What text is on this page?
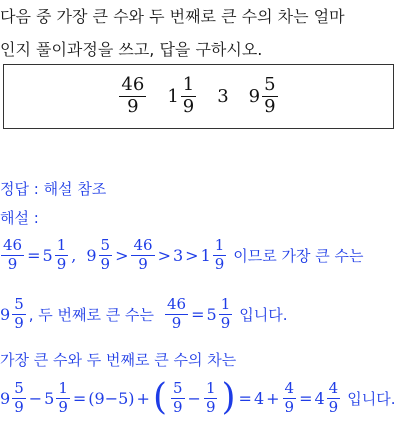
다음 중 가장 큰 수와 두 번째로 큰 수의 차는 얼마
인지 풀이과정을 쓰고, 답을 구하시오.
$\frac{46}{9} 1 \frac{1}{9} 3$ $9 \frac{5}{9}$
정답 : 해설 참조
해설 :
$\frac{46}{9} = 5 \frac{1}{9}$ , $9 \frac{5}{9} > \frac{46}{9} > 3 > 1 \frac{1}{9}$ 이므로 가장 큰 수는
$9 \frac{5}{9}$ , 두 번째로 큰 수는 $\frac{46}{9} = 5 \frac{1}{9}$ 입니다.
가장 큰 수와 두 번째로 큰 수의 차는
$9 \frac{5}{9} - 5 \frac{1}{9} = (9-5)$ + ( $\frac{5}{9} - \frac{1}{9}$ ) = $4 + \frac{4}{9} = 4 \frac{4}{9}$ 입니다.
